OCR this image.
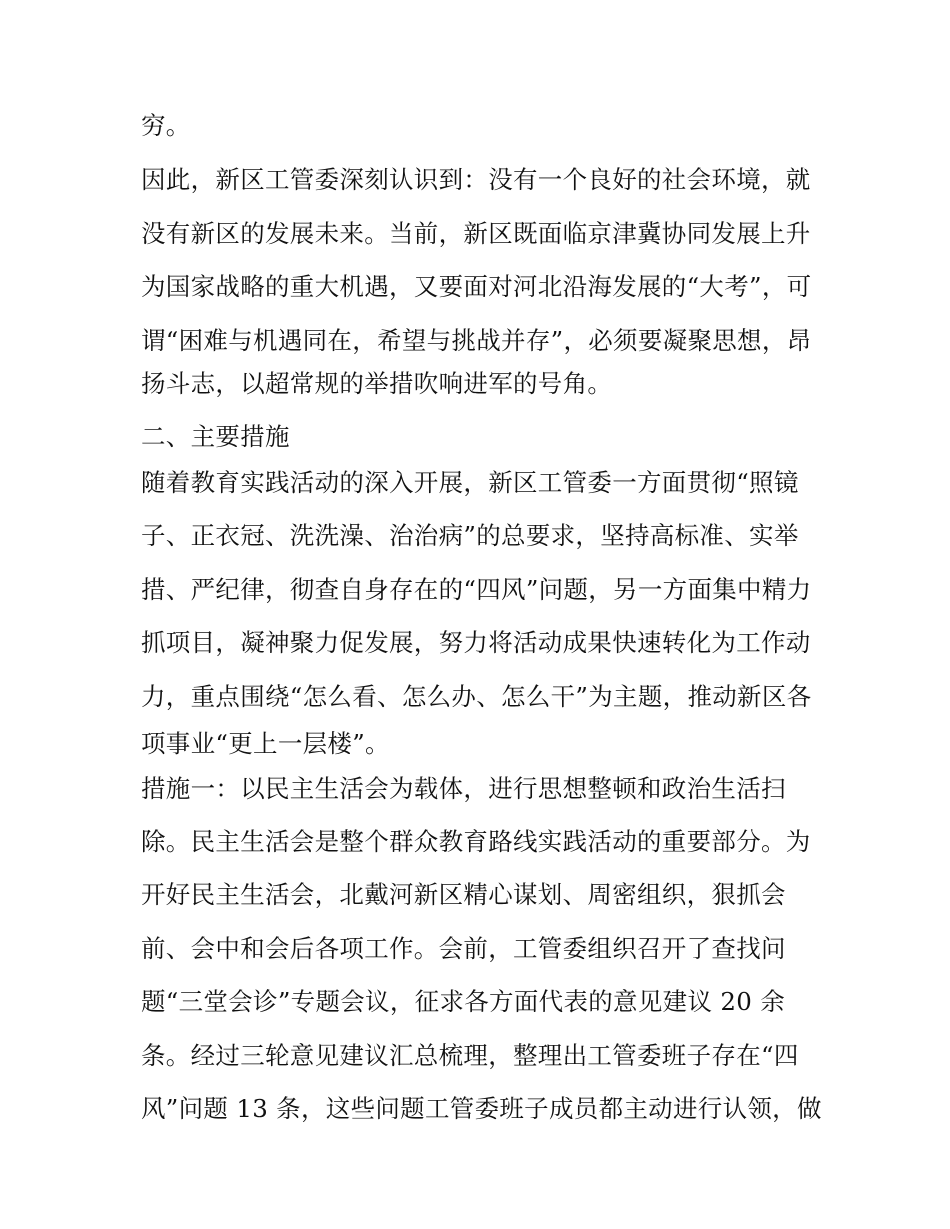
穷。
因此，新区工管委深刻认识到：没有一个良好的社会环境，就
没有新区的发展未来。当前，新区既面临京津冀协同发展上升
为国家战略的重大机遇，又要面对河北沿海发展的“大考”，可
谓“困难与机遇同在，希望与挑战并存”，必须要凝聚思想，昂
扬斗志，以超常规的举措吹响进军的号角。
二、主要措施
随着教育实践活动的深入开展，新区工管委一方面贯彻“照镜
子、正衣冠、洗洗澡、治治病”的总要求，坚持高标准、实举
措、严纪律，彻查自身存在的“四风”问题，另一方面集中精力
抓项目，凝神聚力促发展，努力将活动成果快速转化为工作动
力，重点围绕“怎么看、怎么办、怎么干”为主题，推动新区各
项事业“更上一层楼”。
措施一：以民主生活会为载体，进行思想整顿和政治生活扫
除。民主生活会是整个群众教育路线实践活动的重要部分。为
开好民主生活会，北戴河新区精心谋划、周密组织，狠抓会
前、会中和会后各项工作。会前，工管委组织召开了查找问
题“三堂会诊”专题会议，征求各方面代表的意见建议 20 余
条。经过三轮意见建议汇总梳理，整理出工管委班子存在“四
风”问题 13 条，这些问题工管委班子成员都主动进行认领，做
